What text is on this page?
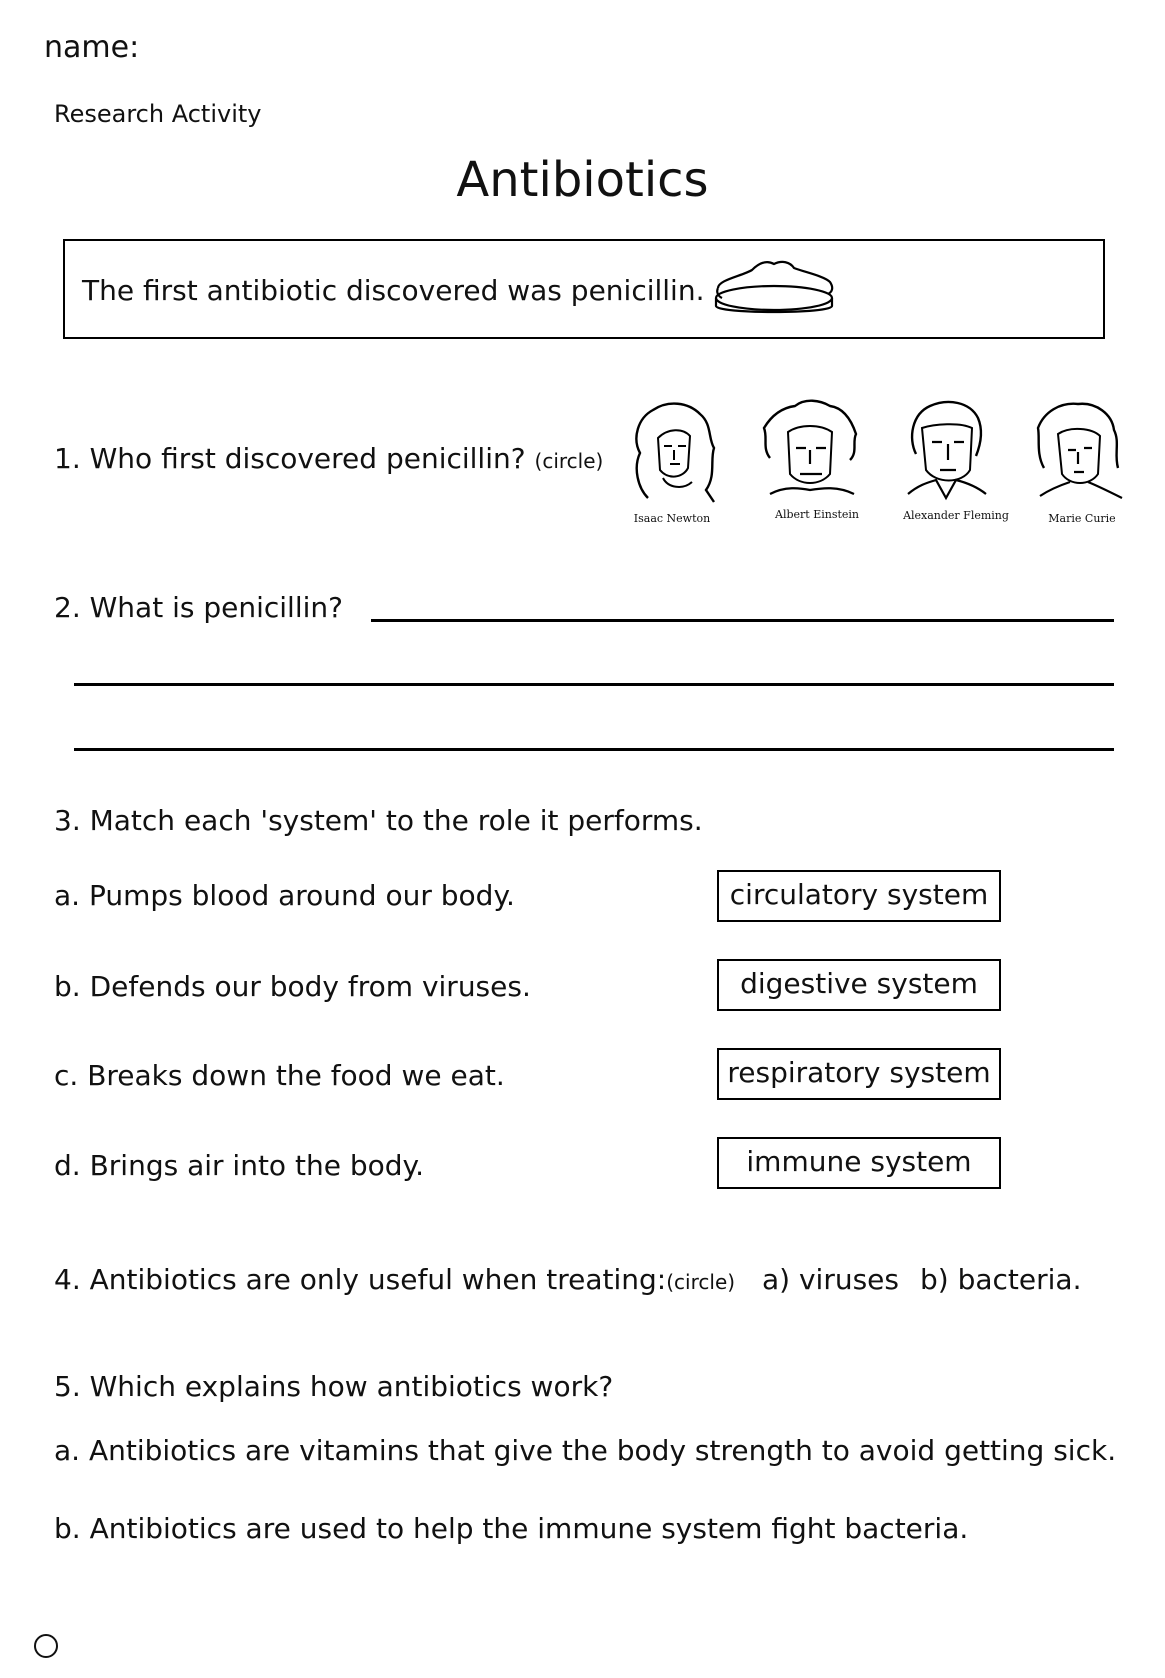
name:
Research Activity
Antibiotics
The first antibiotic discovered was penicillin.
1. Who first discovered penicillin? (circle)
Isaac Newton	Albert Einstein	Alexander Fleming	Marie Curie
2. What is penicillin?
3. Match each 'system' to the role it performs.
a. Pumps blood around our body.
b. Defends our body from viruses.
c. Breaks down the food we eat.
d. Brings air into the body.
circulatory system
digestive system
respiratory system
immune system
4. Antibiotics are only useful when treating:(circle) a) viruses b) bacteria.
5. Which explains how antibiotics work?
a. Antibiotics are vitamins that give the body strength to avoid getting sick.
b. Antibiotics are used to help the immune system fight bacteria.
